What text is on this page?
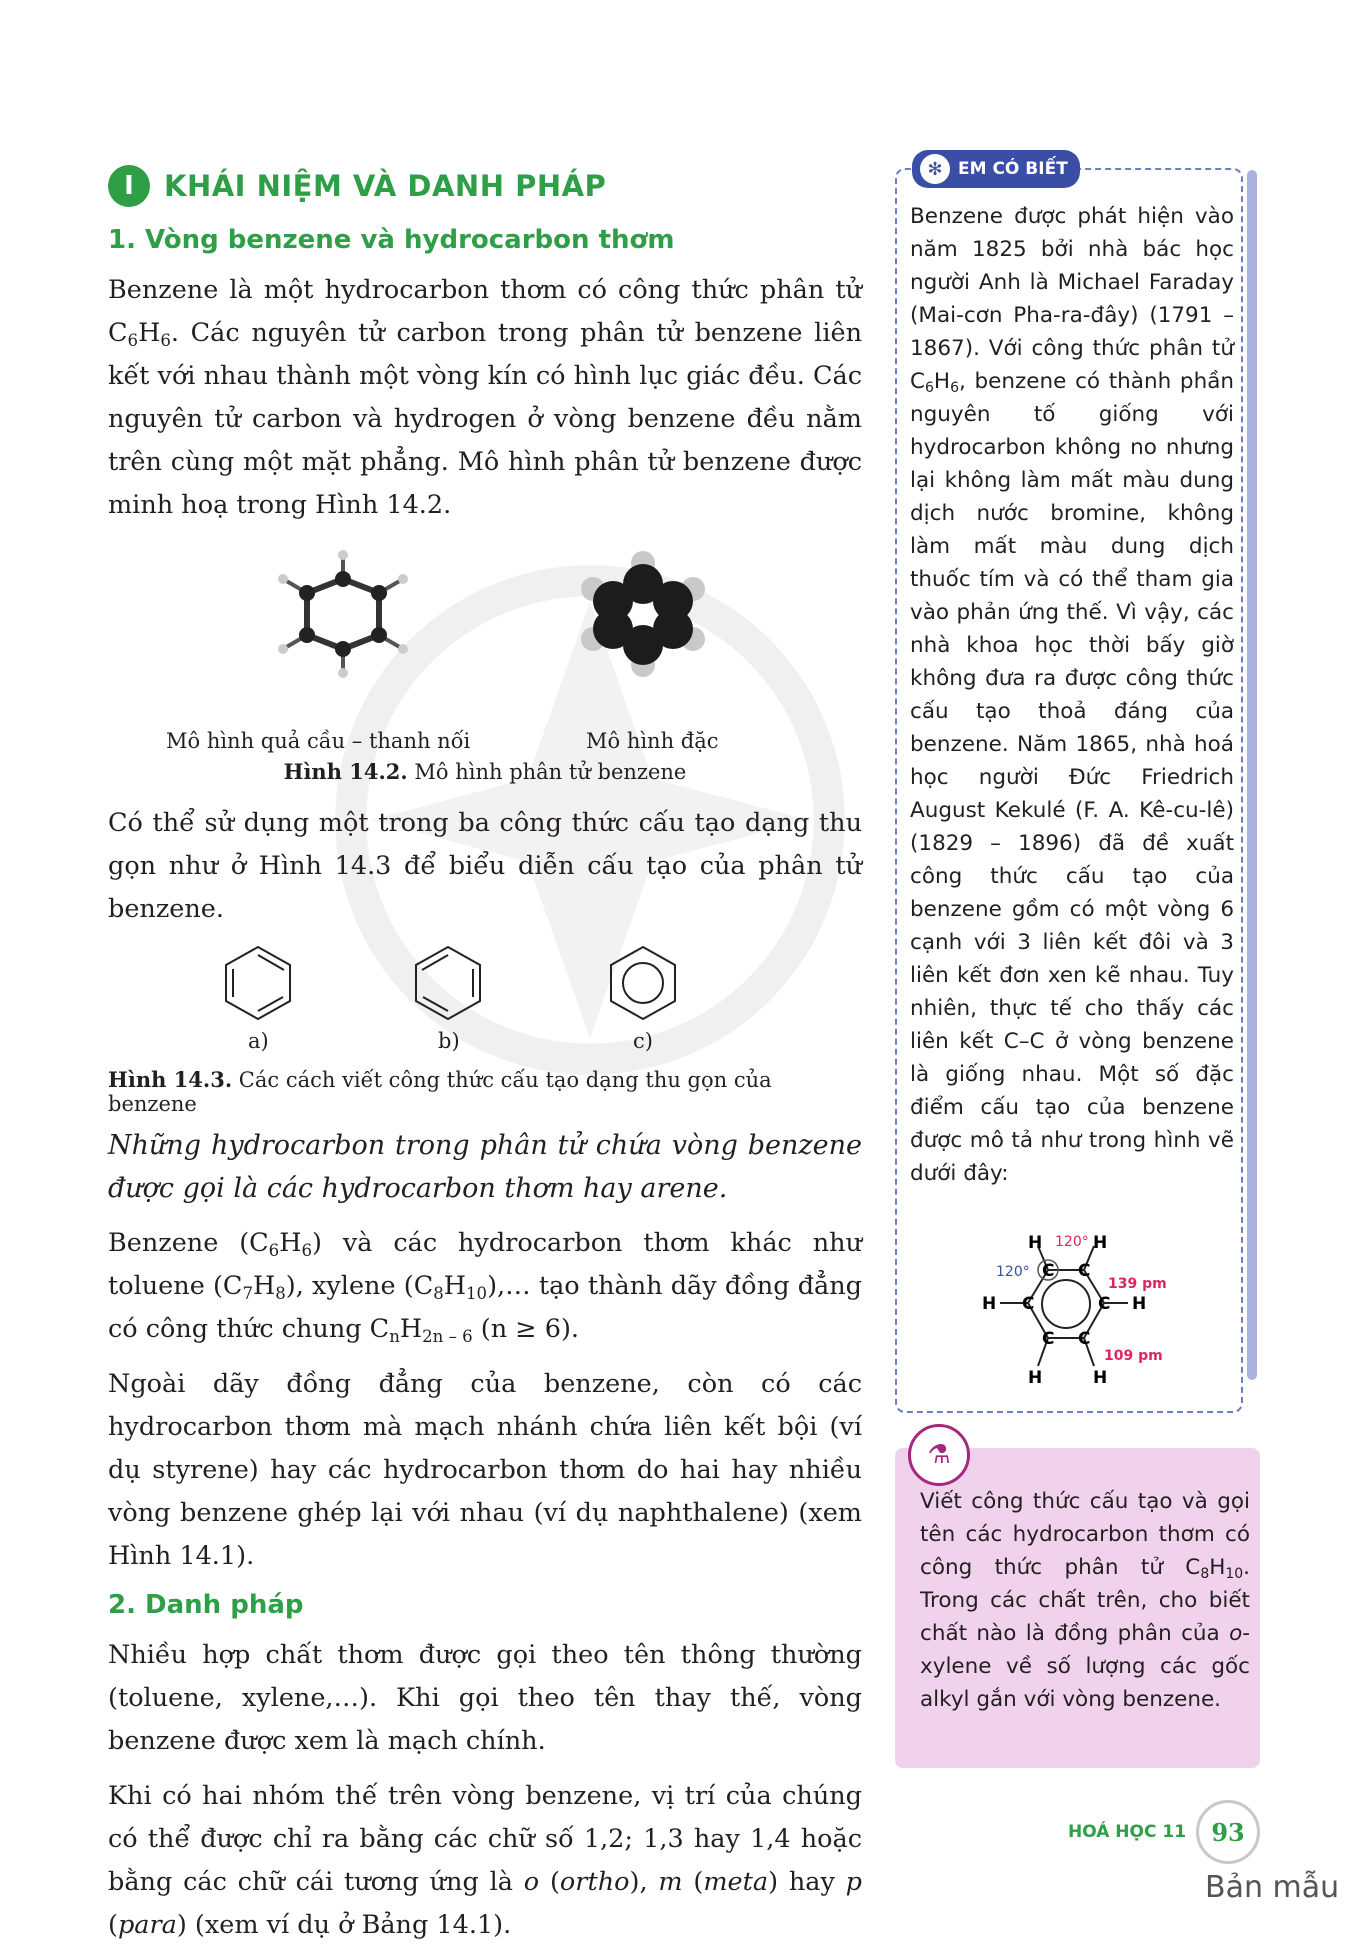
I	KHÁI NIỆM VÀ DANH PHÁP
1. Vòng benzene và hydrocarbon thơm

Benzene là một hydrocarbon thơm có công thức phân tử $C_6H_6$. Các nguyên tử carbon trong phân tử benzene liên kết với nhau thành một vòng kín có hình lục giác đều. Các nguyên tử carbon và hydrogen ở vòng benzene đều nằm trên cùng một mặt phẳng. Mô hình phân tử benzene được minh hoạ trong Hình 14.2.

Mô hình quả cầu – thanh nối	Mô hình đặc
Hình 14.2. Mô hình phân tử benzene

Có thể sử dụng một trong ba công thức cấu tạo dạng thu gọn như ở Hình 14.3 để biểu diễn cấu tạo của phân tử benzene.

a)	b)	c)
Hình 14.3. Các cách viết công thức cấu tạo dạng thu gọn của benzene

Những hydrocarbon trong phân tử chứa vòng benzene được gọi là các hydrocarbon thơm hay arene.

Benzene $(C_6H_6)$ và các hydrocarbon thơm khác như toluene $(C_7H_8)$, xylene $(C_8H_{10}),\dots$ tạo thành dãy đồng đẳng có công thức chung $C_nH_{2n - 6}$ (n ≥ 6).

Ngoài dãy đồng đẳng của benzene, còn có các hydrocarbon thơm mà mạch nhánh chứa liên kết bội (ví dụ styrene) hay các hydrocarbon thơm do hai hay nhiều vòng benzene ghép lại với nhau (ví dụ naphthalene) (xem Hình 14.1).

2. Danh pháp

Nhiều hợp chất thơm được gọi theo tên thông thường (toluene, xylene,…). Khi gọi theo tên thay thế, vòng benzene được xem là mạch chính.

Khi có hai nhóm thế trên vòng benzene, vị trí của chúng có thể được chỉ ra bằng các chữ số 1,2; 1,3 hay 1,4 hoặc bằng các chữ cái tương ứng là o (ortho), m (meta) hay p (para) (xem ví dụ ở Bảng 14.1).

✻ EM CÓ BIẾT
Benzene được phát hiện vào năm 1825 bởi nhà bác học người Anh là Michael Faraday (Mai-cơn Pha-ra-đây) (1791 – 1867). Với công thức phân tử $C_6H_6$, benzene có thành phần nguyên tố giống với hydrocarbon không no nhưng lại không làm mất màu dung dịch nước bromine, không làm mất màu dung dịch thuốc tím và có thể tham gia vào phản ứng thế. Vì vậy, các nhà khoa học thời bấy giờ không đưa ra được công thức cấu tạo thoả đáng của benzene. Năm 1865, nhà hoá học người Đức Friedrich August Kekulé (F. A. Kê-cu-lê) (1829 – 1896) đã đề xuất công thức cấu tạo của benzene gồm có một vòng 6 cạnh với 3 liên kết đôi và 3 liên kết đơn xen kẽ nhau. Tuy nhiên, thực tế cho thấy các liên kết C–C ở vòng benzene là giống nhau. Một số đặc điểm cấu tạo của benzene được mô tả như trong hình vẽ dưới đây:
H	H
H	H
H	H
C C
C	C
C C
120°
120°
139 pm
109 pm
⚗
Viết công thức cấu tạo và gọi tên các hydrocarbon thơm có công thức phân tử $C_8H_{10}$. Trong các chất trên, cho biết chất nào là đồng phân của o-xylene về số lượng các gốc alkyl gắn với vòng benzene.
HOÁ HỌC 11	93
Bản mẫu
